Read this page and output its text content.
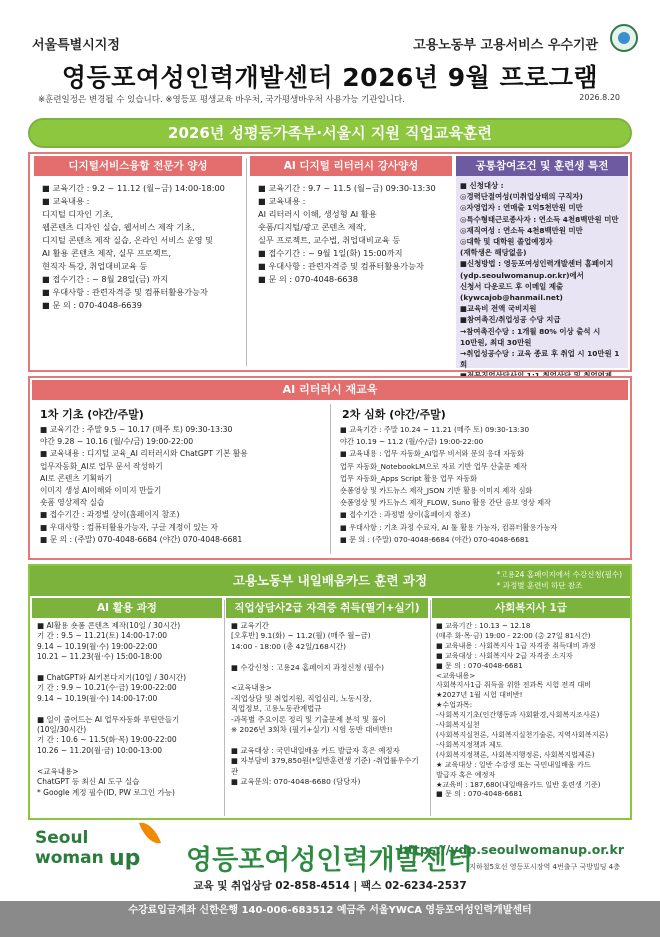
서울특별시지정	고용노동부 고용서비스 우수기관
영등포여성인력개발센터 2026년 9월 프로그램
※훈련일정은 변경될 수 있습니다. ※영등포 평생교육 바우처, 국가평생바우처 사용가능 기관입니다.	2026.8.20
2026년 성평등가족부·서울시 지원 직업교육훈련
디지털서비스융합 전문가 양성
■ 교육기간 : 9.2 ~ 11.12 (월~금) 14:00-18:00
■ 교육내용 :
디지털 디자인 기초,
웹콘텐츠 디자인 실습, 웹서비스 제작 기초,
디지털 콘텐츠 제작 실습, 온라인 서비스 운영 및
AI 활용 콘텐츠 제작, 실무 프로젝트,
현직자 특강, 취업대비교육 등
■ 접수기간 : ~ 8월 28일(금) 까지
■ 우대사항 : 관련자격증 및 컴퓨터활용가능자
■ 문 의 : 070-4048-6639
AI 디지털 리터러시 강사양성
■ 교육기간 : 9.7 ~ 11.5 (월~금) 09:30-13:30
■ 교육내용 :
AI 리터러시 이해, 생성형 AI 활용
숏폼/디지털/광고 콘텐츠 제작,
실무 프로젝트, 교수법, 취업대비교육 등
■ 접수기간 : ~ 9월 1일(화) 15:00까지
■ 우대사항 : 관련자격증 및 컴퓨터활용가능자
■ 문 의 : 070-4048-6638
공통참여조건 및 훈련생 특전
■ 신청대상 :
◎경력단절여성(미취업상태의 구직자)
◎자영업자 : 연매출 1억5천만원 미만
◎특수형태근로종사자 : 연소득 4천8백만원 미만
◎재직여성 : 연소득 4천8백만원 미만
◎대학 및 대학원 졸업예정자
(재학생은 해당없음)
■신청방법 : 영등포여성인력개발센터 홈페이지
(ydp.seoulwomanup.or.kr)에서
신청서 다운로드 후 이메일 제출
(kywcajob@hanmail.net)
■교육비 전액 국비지원
■참여촉진/취업성공 수당 지급
→참여촉진수당 : 1개월 80% 이상 출석 시
10만원, 최대 30만원
→취업성공수당 : 교육 종료 후 취업 시 10만원 1회

AI 리터러시 재교육
1차 기초 (야간/주말)
■ 교육기간 : 주말 9.5 ~ 10.17 (매주 토) 09:30-13:30
야간 9.28 ~ 10.16 (월/수/금) 19:00-22:00
■ 교육내용 : 디지털 교육_AI 리터러시와 ChatGPT 기본 활용
업무자동화_AI로 업무 문서 작성하기
AI로 콘텐츠 기획하기
이미지 생성 AI이해와 이미지 만들기
숏폼 영상제작 실습
■ 접수기간 : 과정별 상이(홈페이지 참조)
■ 우대사항 : 컴퓨터활용가능자, 구글 계정이 있는 자
■ 문 의 : (주말) 070-4048-6684 (야간) 070-4048-6681
2차 심화 (야간/주말)
■ 교육기간 : 주말 10.24 ~ 11.21 (매주 토) 09:30-13:30
야간 10.19 ~ 11.2 (월/수/금) 19:00-22:00
■ 교육내용 : 업무 자동화_AI업무 비서와 문의 응대 자동화
업무 자동화_NotebookLM으로 자료 기반 업무 산출문 제작
업무 자동화_Apps Script 활용 업무 자동화
숏폼영상 및 카드뉴스 제작_JSON 기반 활용 이미지 제작 심화
숏폼영상 및 카드뉴스 제작_FLOW, Suno 활용 간단 음보 영상 제작
■ 접수기간 : 과정별 상이(홈페이지 참조)
■ 우대사항 : 기초 과정 수료자, AI 툴 활용 가능자, 컴퓨터활용가능자
■ 문 의 : (주말) 070-4048-6684 (야간) 070-4048-6681
고용노동부 내일배움카드 훈련 과정	*고용24 홈페이지에서 수강신청(필수)
* 과정별 훈련비 하단 참조
AI 활용 과정
■ AI활용 숏폼 콘텐츠 제작(10일 / 30시간)
기 간 : 9.5 ~ 11.21(토) 14:00-17:00
9.14 ~ 10.19(월·수) 19:00-22:00
10.21 ~ 11.23(월·수) 15:00-18:00

■ ChatGPT와 AI키본다지기(10일 / 30시간)
기 간 : 9.9 ~ 10.21(수·금) 19:00-22:00
9.14 ~ 10.19(월·수) 14:00-17:00

■ 일이 줄어드는 AI 업무자동화 루틴만들기
(10일/30시간)
기 간 : 10.6 ~ 11.5(화·목) 19:00-22:00
10.26 ~ 11.20(월·금) 10:00-13:00

<교육내용>
ChatGPT 등 최신 AI 도구 실습
* Google 계정 필수(ID, PW 로그인 가능)
직업상담사2급 자격증 취득(필기+실기)
■ 교육기간
[오후반] 9.1(화) ~ 11.2(월) (매주 월~금)
14:00 - 18:00 (총 42일/168시간)

■ 수강신청 : 고용24 홈페이지 과정신청 (필수)

<교육내용>
-직업상담 및 취업지원, 직업심리, 노동시장,
직업정보, 고용노동관계법규
-과목별 주요이론 정리 및 기출문제 분석 및 풀이
※ 2026년 3회차 (필기+실기) 시험 동반 대비반!!

■ 교육대상 : 국민내일배움 카드 발급자 혹은 예정자
■ 자부담비 379,850원(*일반훈련생 기준) -취업률우수기관
■ 교육문의: 070-4048-6680 (담당자)
사회복지사 1급
■ 교육기간 : 10.13 ~ 12.18
(매주 화·목·금) 19:00 - 22:00 (총 27일 81시간)
■ 교육내용 : 사회복지사 1급 자격증 취득대비 과정
■ 교육대상 : 사회복지사 2급 자격증 소지자
■ 문 의 : 070-4048-6681
<교육내용>
사회복지사1급 취득을 위한 전과목 시험 전격 대비
★2027년 1월 시험 대비반!
★수업과목:
-사회복지기초(인간행동과 사회환경,사회복지조사론)
-사회복지실천
(사회복지실천론, 사회복지실천기술론, 지역사회복지론)
-사회복지정책과 제도
(사회복지정책론, 사회복지행정론, 사회복지법제론)
★ 교육대상 : 일반 수강생 또는 국민내일배움 카드
발급자 혹은 예정자
★교육비 : 187,680(내일배움카드 일반 훈련생 기준)
■ 문 의 : 070-4048-6681
Seoul
woman up 영등포여성인력개발센터
https://ydp.seoulwomanup.or.kr
지하철5호선 영등포시장역 4번출구 국방빌딩 4층
교육 및 취업상담 02-858-4514 | 팩스 02-6234-2537
수강료입금계좌 신한은행 140-006-683512 예금주 서울YWCA 영등포여성인력개발센터
